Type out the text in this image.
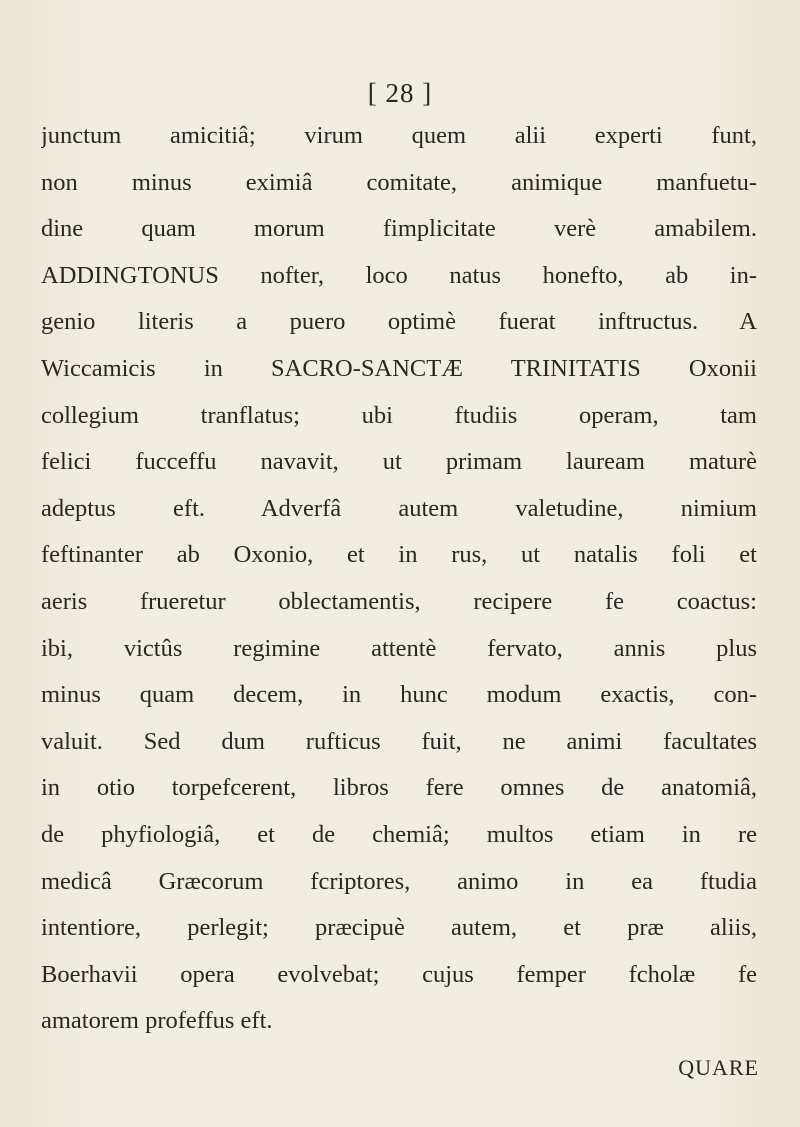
[ 28 ]
junctum amicitiâ; virum quem alii experti funt,
non minus eximiâ comitate, animique manfuetu-
dine quam morum fimplicitate verè amabilem.
ADDINGTONUS nofter, loco natus honefto, ab in-
genio literis a puero optimè fuerat inftructus. A
Wiccamicis in SACRO-SANCTÆ TRINITATIS Oxonii
collegium tranflatus; ubi ftudiis operam, tam
felici fucceffu navavit, ut primam lauream maturè
adeptus eft. Adverfâ autem valetudine, nimium
feftinanter ab Oxonio, et in rus, ut natalis foli et
aeris frueretur oblectamentis, recipere fe coactus:
ibi, victûs regimine attentè fervato, annis plus
minus quam decem, in hunc modum exactis, con-
valuit. Sed dum rufticus fuit, ne animi facultates
in otio torpefcerent, libros fere omnes de anatomiâ,
de phyfiologiâ, et de chemiâ; multos etiam in re
medicâ Græcorum fcriptores, animo in ea ftudia
intentiore, perlegit; præcipuè autem, et præ aliis,
Boerhavii opera evolvebat; cujus femper fcholæ fe
amatorem profeffus eft.
QUARE
